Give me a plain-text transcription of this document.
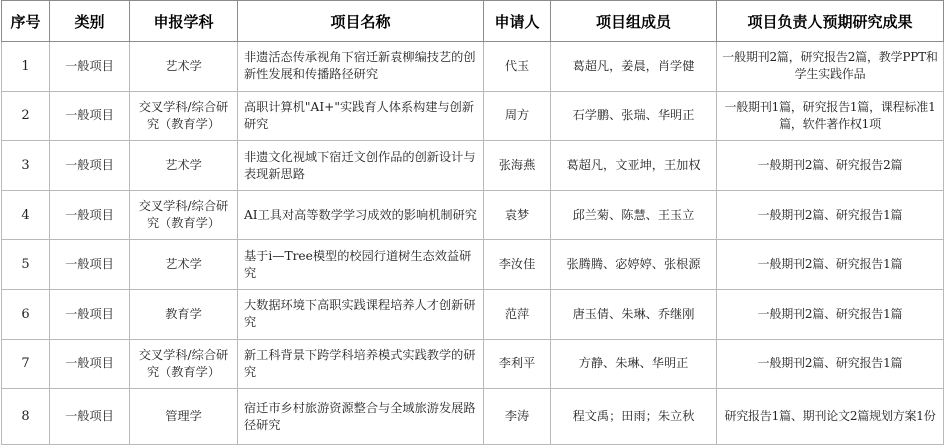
序号	类别	申报学科	项目名称	申请人	项目组成员	项目负责人预期研究成果
1	一般项目	艺术学	非遗活态传承视角下宿迁新袁柳编技艺的创新性发展和传播路径研究	代玉	葛超凡，姜晨，肖学健	一般期刊2篇，研究报告2篇，教学PPT和学生实践作品
2	一般项目	交叉学科/综合研究（教育学）	高职计算机"AI+"实践育人体系构建与创新研究	周方	石学鹏、张瑞、华明正	一般期刊1篇，研究报告1篇，课程标准1篇，软件著作权1项
3	一般项目	艺术学	非遗文化视域下宿迁文创作品的创新设计与表现新思路	张海燕	葛超凡，文亚坤，王加权	一般期刊2篇、研究报告2篇
4	一般项目	交叉学科/综合研究（教育学）	AI工具对高等数学学习成效的影响机制研究	袁梦	邱兰菊、陈慧、王玉立	一般期刊2篇、研究报告1篇
5	一般项目	艺术学	基于i—Tree模型的校园行道树生态效益研究	李汝佳	张腾腾、宓婷婷、张根源	一般期刊2篇、研究报告1篇
6	一般项目	教育学	大数据环境下高职实践课程培养人才创新研究	范萍	唐玉倩、朱琳、乔继刚	一般期刊2篇、研究报告1篇
7	一般项目	交叉学科/综合研究（教育学）	新工科背景下跨学科培养模式实践教学的研究	李利平	方静、朱琳、华明正	一般期刊2篇、研究报告1篇
8	一般项目	管理学	宿迁市乡村旅游资源整合与全域旅游发展路径研究	李涛	程文禹；田雨；朱立秋	研究报告1篇、期刊论文2篇规划方案1份
